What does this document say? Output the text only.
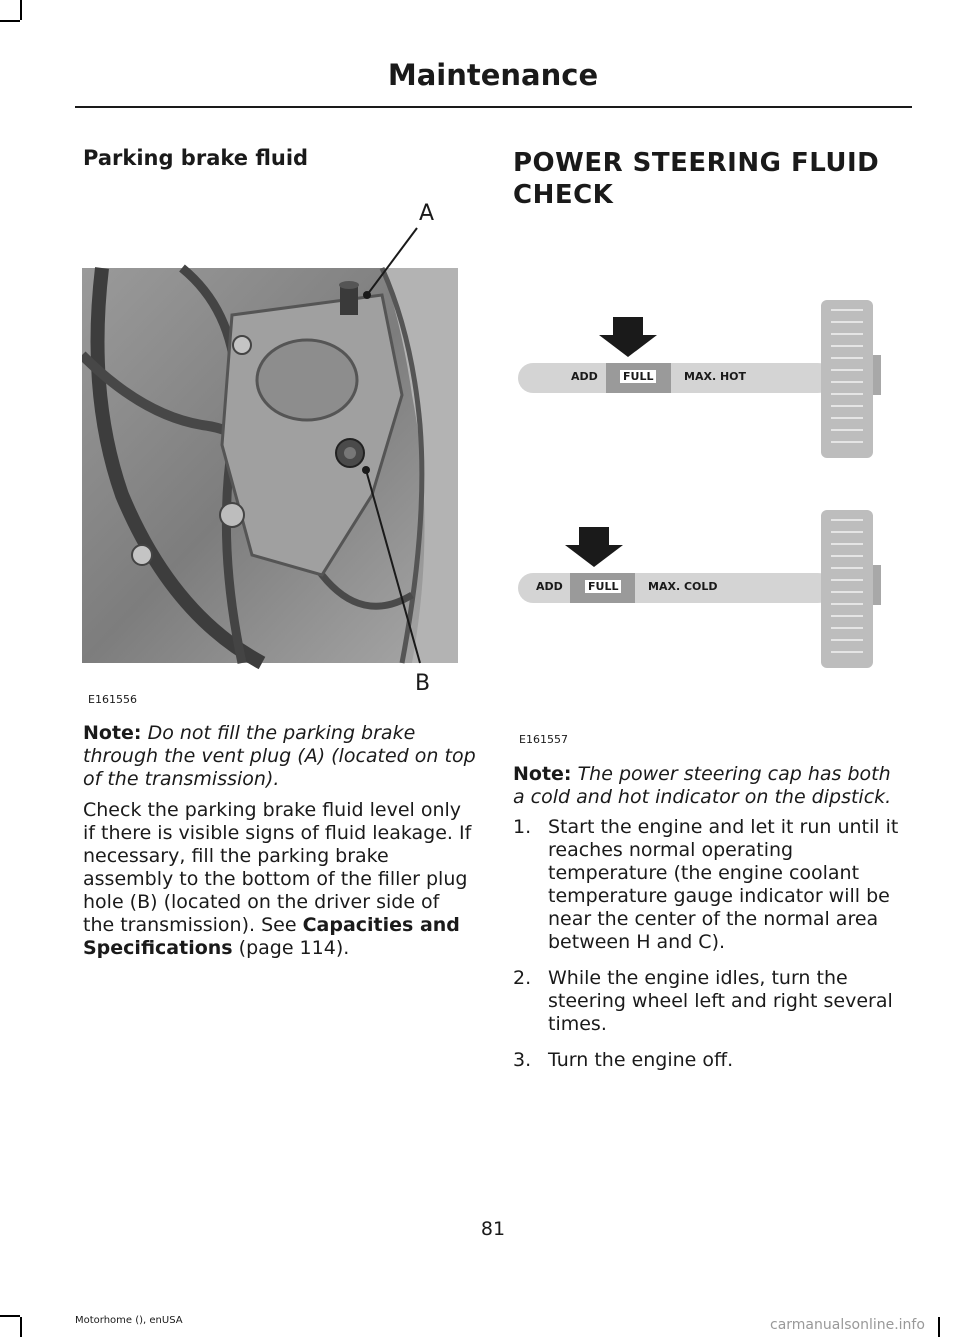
Maintenance
Parking brake fluid
A
B
E161556
Note: Do not fill the parking brake through the vent plug (A) (located on top of the transmission).
Check the parking brake fluid level only if there is visible signs of fluid leakage. If necessary, fill the parking brake assembly to the bottom of the filler plug hole (B) (located on the driver side of the transmission). See Capacities and Specifications (page 114).
POWER STEERING FLUID
CHECK
ADD FULL	MAX. HOT
ADD FULL	MAX. COLD
E161557
Note: The power steering cap has both a cold and hot indicator on the dipstick.
1. Start the engine and let it run until it reaches normal operating temperature (the engine coolant temperature gauge indicator will be near the center of the normal area between H and C).
2. While the engine idles, turn the steering wheel left and right several times.
3. Turn the engine off.
81
Motorhome (), enUSA	carmanualsonline.info
